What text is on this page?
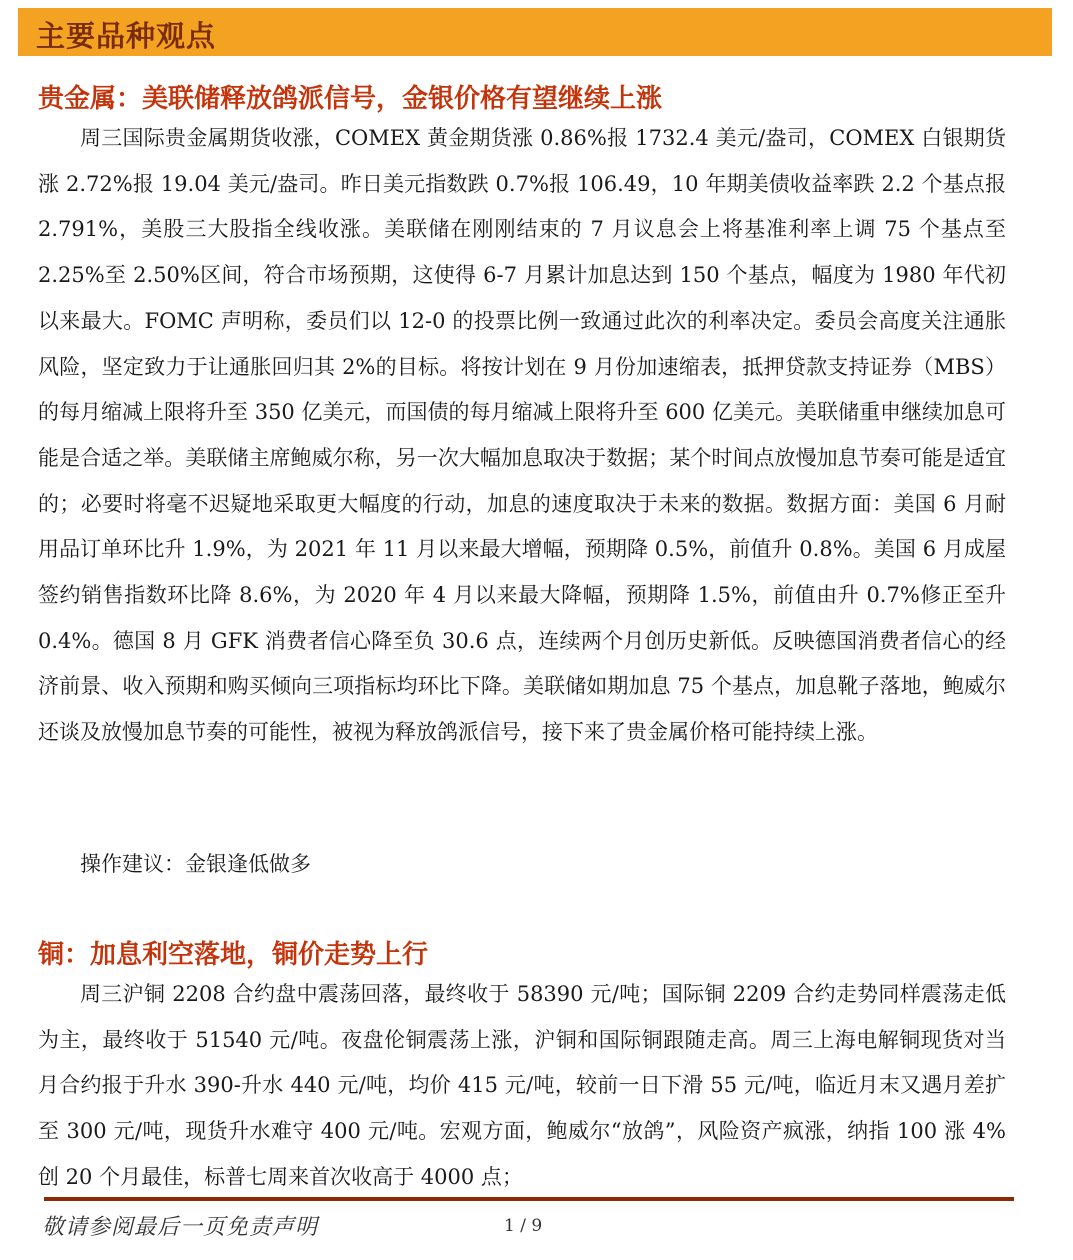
主要品种观点
贵金属：美联储释放鸽派信号，金银价格有望继续上涨

周三国际贵金属期货收涨，COMEX 黄金期货涨 0.86%报 1732.4 美元/盎司，COMEX 白银期货涨 2.72%报 19.04 美元/盎司。昨日美元指数跌 0.7%报 106.49，10 年期美债收益率跌 2.2 个基点报 2.791%，美股三大股指全线收涨。美联储在刚刚结束的 7 月议息会上将基准利率上调 75 个基点至 2.25%至 2.50%区间，符合市场预期，这使得 6-7 月累计加息达到 150 个基点，幅度为 1980 年代初以来最大。FOMC 声明称，委员们以 12-0 的投票比例一致通过此次的利率决定。委员会高度关注通胀风险，坚定致力于让通胀回归其 2%的目标。将按计划在 9 月份加速缩表，抵押贷款支持证券（MBS）的每月缩减上限将升至 350 亿美元，而国债的每月缩减上限将升至 600 亿美元。美联储重申继续加息可能是合适之举。美联储主席鲍威尔称，另一次大幅加息取决于数据；某个时间点放慢加息节奏可能是适宜的；必要时将毫不迟疑地采取更大幅度的行动，加息的速度取决于未来的数据。数据方面：美国 6 月耐用品订单环比升 1.9%，为 2021 年 11 月以来最大增幅，预期降 0.5%，前值升 0.8%。美国 6 月成屋签约销售指数环比降 8.6%，为 2020 年 4 月以来最大降幅，预期降 1.5%，前值由升 0.7%修正至升 0.4%。德国 8 月 GFK 消费者信心降至负 30.6 点，连续两个月创历史新低。反映德国消费者信心的经济前景、收入预期和购买倾向三项指标均环比下降。美联储如期加息 75 个基点，加息靴子落地，鲍威尔还谈及放慢加息节奏的可能性，被视为释放鸽派信号，接下来了贵金属价格可能持续上涨。

操作建议：金银逢低做多

铜：加息利空落地，铜价走势上行

周三沪铜 2208 合约盘中震荡回落，最终收于 58390 元/吨；国际铜 2209 合约走势同样震荡走低为主，最终收于 51540 元/吨。夜盘伦铜震荡上涨，沪铜和国际铜跟随走高。周三上海电解铜现货对当月合约报于升水 390-升水 440 元/吨，均价 415 元/吨，较前一日下滑 55 元/吨，临近月末又遇月差扩至 300 元/吨，现货升水难守 400 元/吨。宏观方面，鲍威尔“放鸽”，风险资产疯涨，纳指 100 涨 4%创 20 个月最佳，标普七周来首次收高于 4000 点；

敬请参阅最后一页免责声明	1 / 9
